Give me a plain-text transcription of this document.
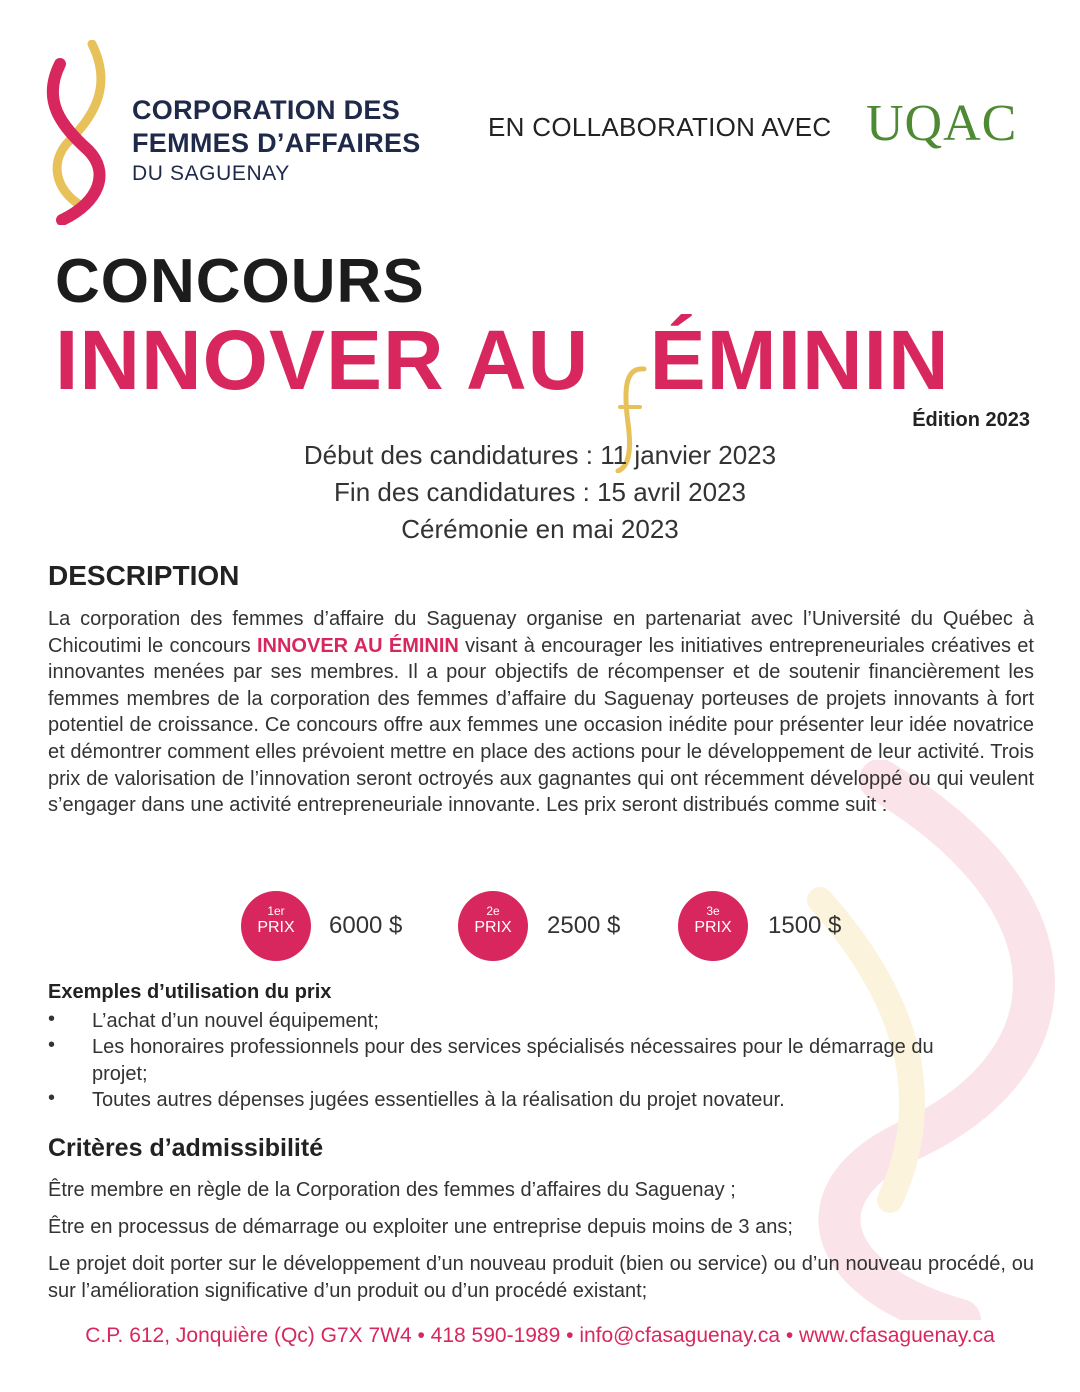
CORPORATION DES
FEMMES D’AFFAIRES
DU SAGUENAY
EN COLLABORATION AVEC UQAC
CONCOURS
INNOVER AU
ÉMININ
Édition 2023
Début des candidatures : 11 janvier 2023
Fin des candidatures : 15 avril 2023
Cérémonie en mai 2023
DESCRIPTION
La corporation des femmes d’affaire du Saguenay organise en partenariat avec l’Université du Québec à Chicoutimi le concours INNOVER AU ÉMININ visant à encourager les initiatives entrepreneuriales créatives et innovantes menées par ses membres. Il a pour objectifs de récompenser et de soutenir financièrement les femmes membres de la corporation des femmes d’affaire du Saguenay porteuses de projets innovants à fort potentiel de croissance. Ce concours offre aux femmes une occasion inédite pour présenter leur idée novatrice et démontrer comment elles prévoient mettre en place des actions pour le développement de leur activité. Trois prix de valorisation de l’innovation seront octroyés aux gagnantes qui ont récemment développé ou qui veulent s’engager dans une activité entrepreneuriale innovante. Les prix seront distribués comme suit :
1er
PRIX	6000 $
2e
PRIX	2500 $
3e
PRIX	1500 $
Exemples d’utilisation du prix
• L’achat d’un nouvel équipement;
• Les honoraires professionnels pour des services spécialisés nécessaires pour le démarrage du projet;
• Toutes autres dépenses jugées essentielles à la réalisation du projet novateur.
Critères d’admissibilité
Être membre en règle de la Corporation des femmes d’affaires du Saguenay ;
Être en processus de démarrage ou exploiter une entreprise depuis moins de 3 ans;
Le projet doit porter sur le développement d’un nouveau produit (bien ou service) ou d’un nouveau procédé, ou sur l’amélioration significative d’un produit ou d’un procédé existant;
C.P. 612, Jonquière (Qc) G7X 7W4 • 418 590-1989 • info@cfasaguenay.ca • www.cfasaguenay.ca
